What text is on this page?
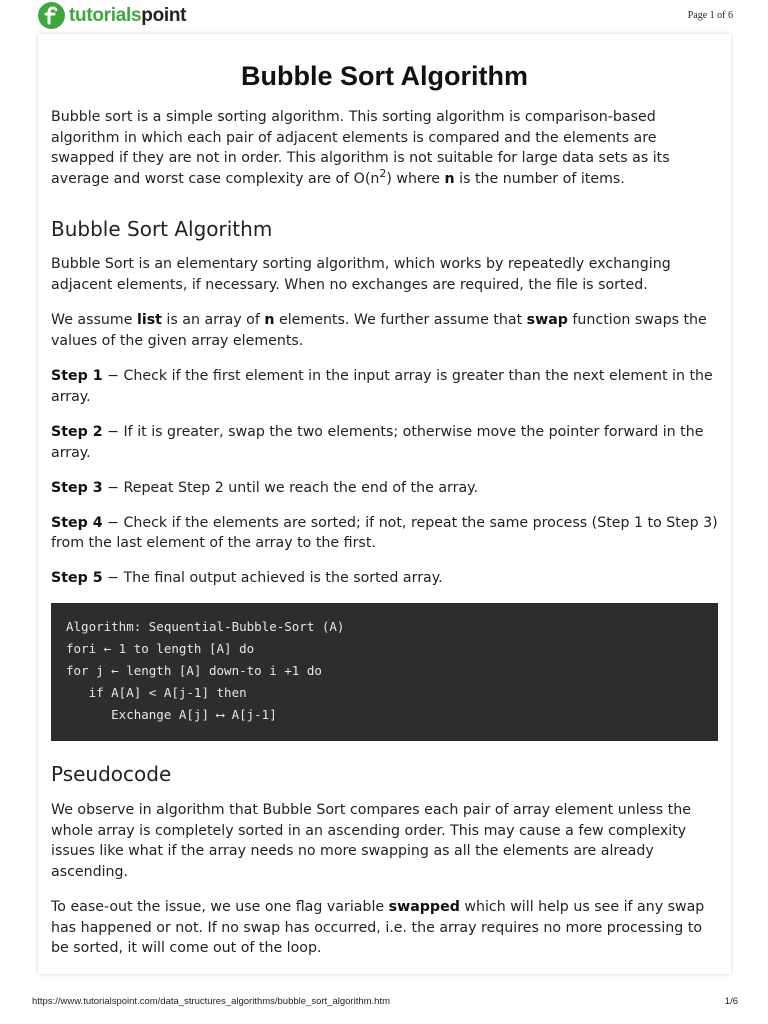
tutorialspoint	Page 1 of 6
Bubble Sort Algorithm

Bubble sort is a simple sorting algorithm. This sorting algorithm is comparison-based algorithm in which each pair of adjacent elements is compared and the elements are swapped if they are not in order. This algorithm is not suitable for large data sets as its average and worst case complexity are of $O(n^2)$ where n is the number of items.

Bubble Sort Algorithm

Bubble Sort is an elementary sorting algorithm, which works by repeatedly exchanging adjacent elements, if necessary. When no exchanges are required, the file is sorted.

We assume list is an array of n elements. We further assume that swap function swaps the values of the given array elements.

Step 1 − Check if the first element in the input array is greater than the next element in the array.

Step 2 − If it is greater, swap the two elements; otherwise move the pointer forward in the array.

Step 3 − Repeat Step 2 until we reach the end of the array.

Step 4 − Check if the elements are sorted; if not, repeat the same process (Step 1 to Step 3) from the last element of the array to the first.

Step 5 − The final output achieved is the sorted array.

Algorithm: Sequential-Bubble-Sort (A)
fori ← 1 to length [A] do
for j ← length [A] down-to i +1 do
if A[A] < A[j-1] then
Exchange A[j] ⟷ A[j-1]
Pseudocode

We observe in algorithm that Bubble Sort compares each pair of array element unless the whole array is completely sorted in an ascending order. This may cause a few complexity issues like what if the array needs no more swapping as all the elements are already ascending.

To ease-out the issue, we use one flag variable swapped which will help us see if any swap has happened or not. If no swap has occurred, i.e. the array requires no more processing to be sorted, it will come out of the loop.

https://www.tutorialspoint.com/data_structures_algorithms/bubble_sort_algorithm.htm	1/6
